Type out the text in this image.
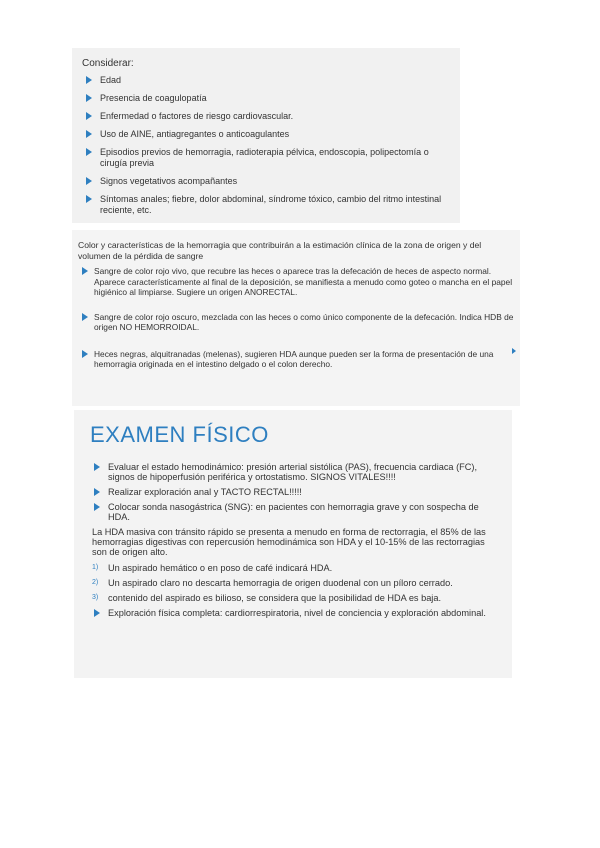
Considerar:

Edad
Presencia de coagulopatía
Enfermedad o factores de riesgo cardiovascular.
Uso de AINE, antiagregantes o anticoagulantes
Episodios previos de hemorragia, radioterapia pélvica, endoscopia, polipectomía o cirugía previa
Signos vegetativos acompañantes
Síntomas anales; fiebre, dolor abdominal, síndrome tóxico, cambio del ritmo intestinal reciente, etc.

Color y características de la hemorragia que contribuirán a la estimación clínica de la zona de origen y del volumen de la pérdida de sangre

Sangre de color rojo vivo, que recubre las heces o aparece tras la defecación de heces de aspecto normal. Aparece característicamente al final de la deposición, se manifiesta a menudo como goteo o mancha en el papel higiénico al limpiarse. Sugiere un origen ANORECTAL.
Sangre de color rojo oscuro, mezclada con las heces o como único componente de la defecación. Indica HDB de origen NO HEMORROIDAL.
Heces negras, alquitranadas (melenas), sugieren HDA aunque pueden ser la forma de presentación de una hemorragia originada en el intestino delgado o el colon derecho.
EXAMEN FÍSICO
Evaluar el estado hemodinámico: presión arterial sistólica (PAS), frecuencia cardiaca (FC), signos de hipoperfusión periférica y ortostatismo. SIGNOS VITALES!!!!
Realizar exploración anal y TACTO RECTAL!!!!!
Colocar sonda nasogástrica (SNG): en pacientes con hemorragia grave y con sospecha de HDA.

La HDA masiva con tránsito rápido se presenta a menudo en forma de rectorragia, el 85% de las hemorragias digestivas con repercusión hemodinámica son HDA y el 10-15% de las rectorragias son de origen alto.

1) Un aspirado hemático o en poso de café indicará HDA.
2) Un aspirado claro no descarta hemorragia de origen duodenal con un píloro cerrado.
3) contenido del aspirado es bilioso, se considera que la posibilidad de HDA es baja.
Exploración física completa: cardiorrespiratoria, nivel de conciencia y exploración abdominal.
